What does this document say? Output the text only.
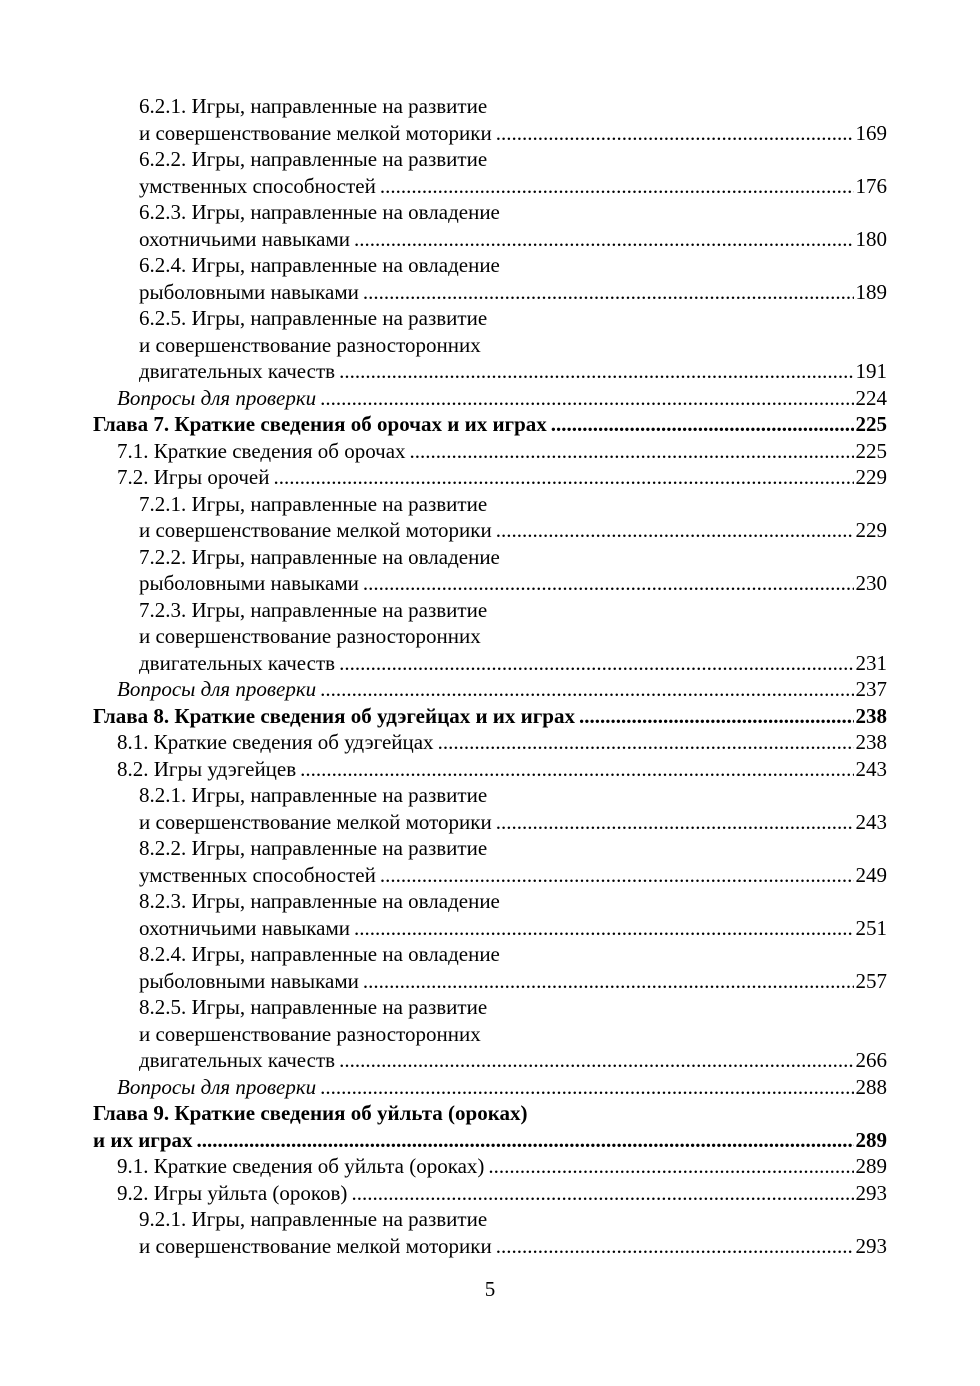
6.2.1. Игры, направленные на развитие
и совершенствование мелкой моторики .....	169
6.2.2. Игры, направленные на развитие
умственных способностей .....	176
6.2.3. Игры, направленные на овладение
охотничьими навыками .....	180
6.2.4. Игры, направленные на овладение
рыболовными навыками .....	189
6.2.5. Игры, направленные на развитие
и совершенствование разносторонних
двигательных качеств .....	191
Вопросы для проверки .....	224
Глава 7. Краткие сведения об орочах и их играх .....	225
7.1. Краткие сведения об орочах .....	225
7.2. Игры орочей .....	229
7.2.1. Игры, направленные на развитие
и совершенствование мелкой моторики .....	229
7.2.2. Игры, направленные на овладение
рыболовными навыками .....	230
7.2.3. Игры, направленные на развитие
и совершенствование разносторонних
двигательных качеств .....	231
Вопросы для проверки .....	237
Глава 8. Краткие сведения об удэгейцах и их играх .....	238
8.1. Краткие сведения об удэгейцах .....	238
8.2. Игры удэгейцев .....	243
8.2.1. Игры, направленные на развитие
и совершенствование мелкой моторики .....	243
8.2.2. Игры, направленные на развитие
умственных способностей .....	249
8.2.3. Игры, направленные на овладение
охотничьими навыками .....	251
8.2.4. Игры, направленные на овладение
рыболовными навыками .....	257
8.2.5. Игры, направленные на развитие
и совершенствование разносторонних
двигательных качеств .....	266
Вопросы для проверки .....	288
Глава 9. Краткие сведения об уйльта (ороках)
и их играх .....	289
9.1. Краткие сведения об уйльта (ороках) .....	289
9.2. Игры уйльта (ороков) .....	293
9.2.1. Игры, направленные на развитие
и совершенствование мелкой моторики .....	293
5
